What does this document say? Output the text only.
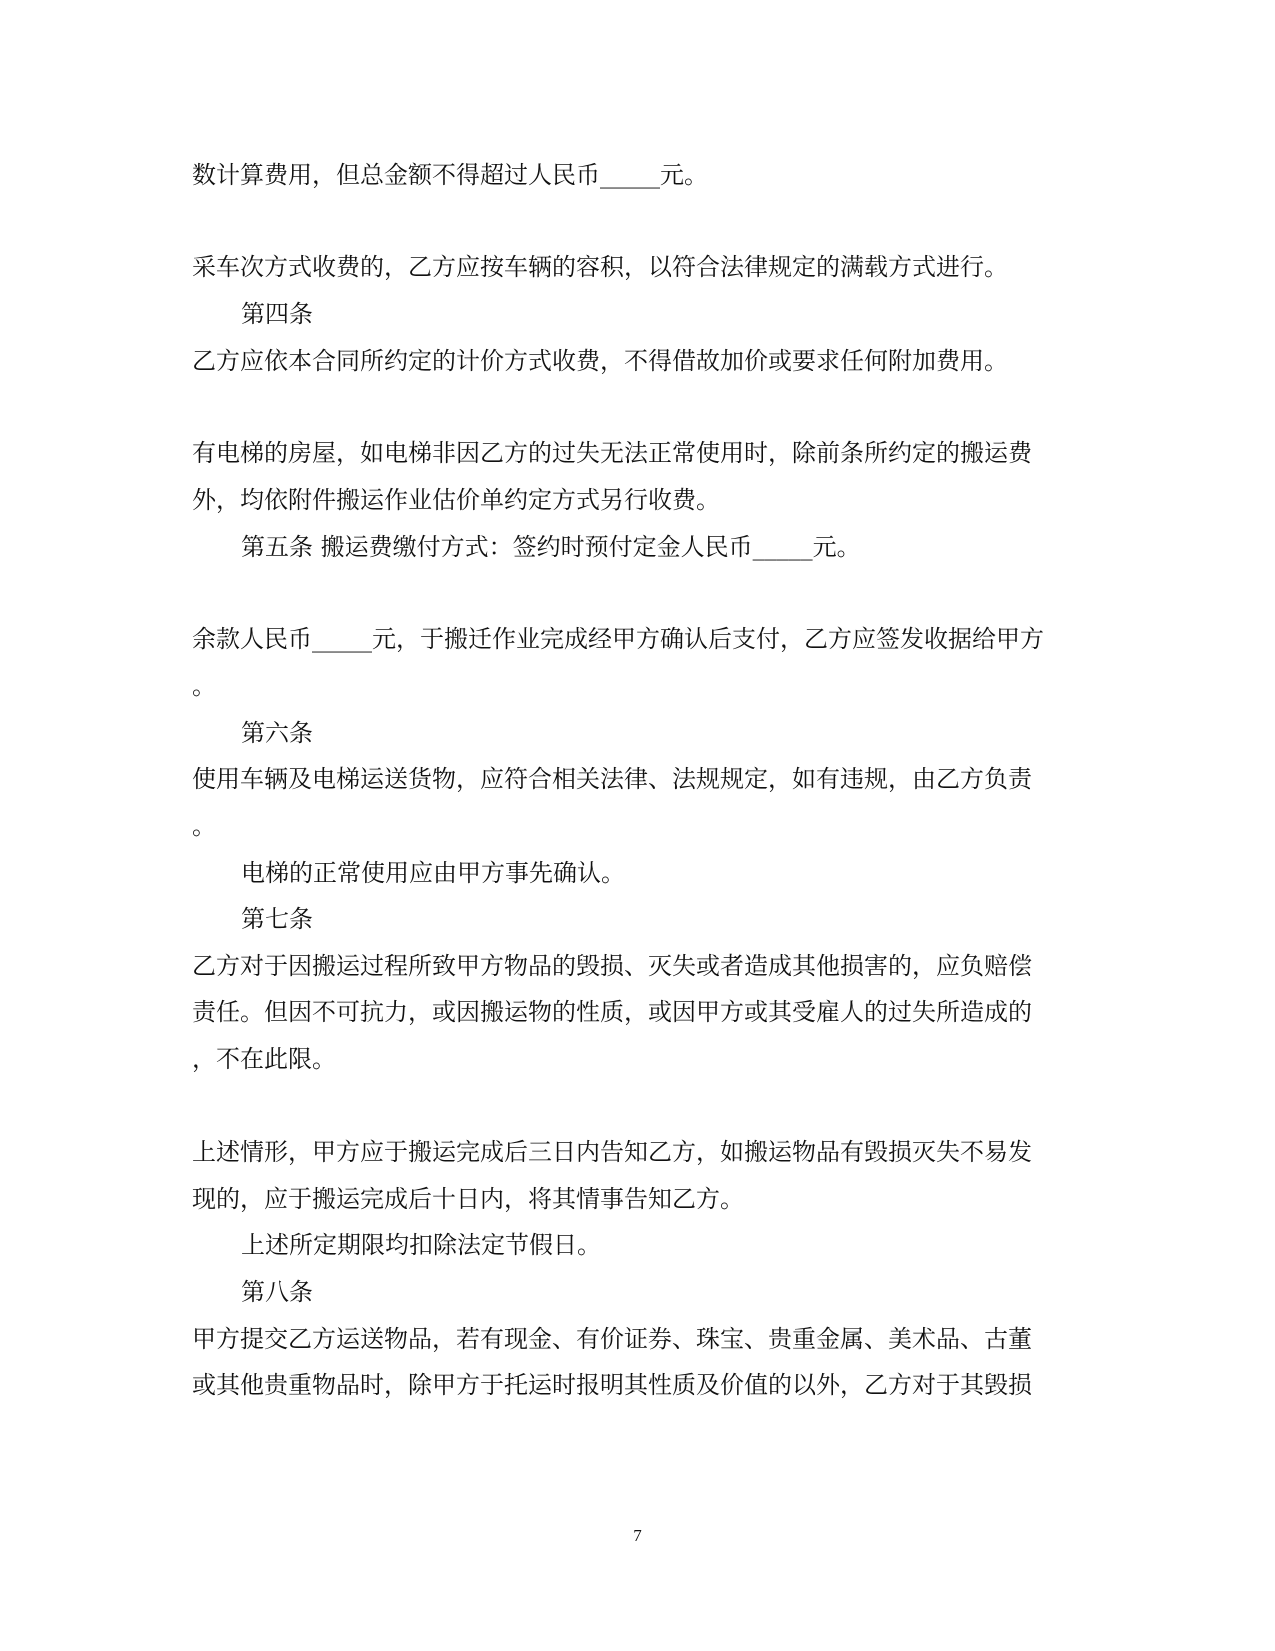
数计算费用，但总金额不得超过人民币_____元。
采车次方式收费的，乙方应按车辆的容积，以符合法律规定的满载方式进行。
第四条
乙方应依本合同所约定的计价方式收费，不得借故加价或要求任何附加费用。
有电梯的房屋，如电梯非因乙方的过失无法正常使用时，除前条所约定的搬运费
外，均依附件搬运作业估价单约定方式另行收费。
第五条 搬运费缴付方式：签约时预付定金人民币_____元。
余款人民币_____元，于搬迁作业完成经甲方确认后支付，乙方应签发收据给甲方
。
第六条
使用车辆及电梯运送货物，应符合相关法律、法规规定，如有违规，由乙方负责
。
电梯的正常使用应由甲方事先确认。
第七条
乙方对于因搬运过程所致甲方物品的毁损、灭失或者造成其他损害的，应负赔偿
责任。但因不可抗力，或因搬运物的性质，或因甲方或其受雇人的过失所造成的
，不在此限。
上述情形，甲方应于搬运完成后三日内告知乙方，如搬运物品有毁损灭失不易发
现的，应于搬运完成后十日内，将其情事告知乙方。
上述所定期限均扣除法定节假日。
第八条
甲方提交乙方运送物品，若有现金、有价证券、珠宝、贵重金属、美术品、古董
或其他贵重物品时，除甲方于托运时报明其性质及价值的以外，乙方对于其毁损
7
